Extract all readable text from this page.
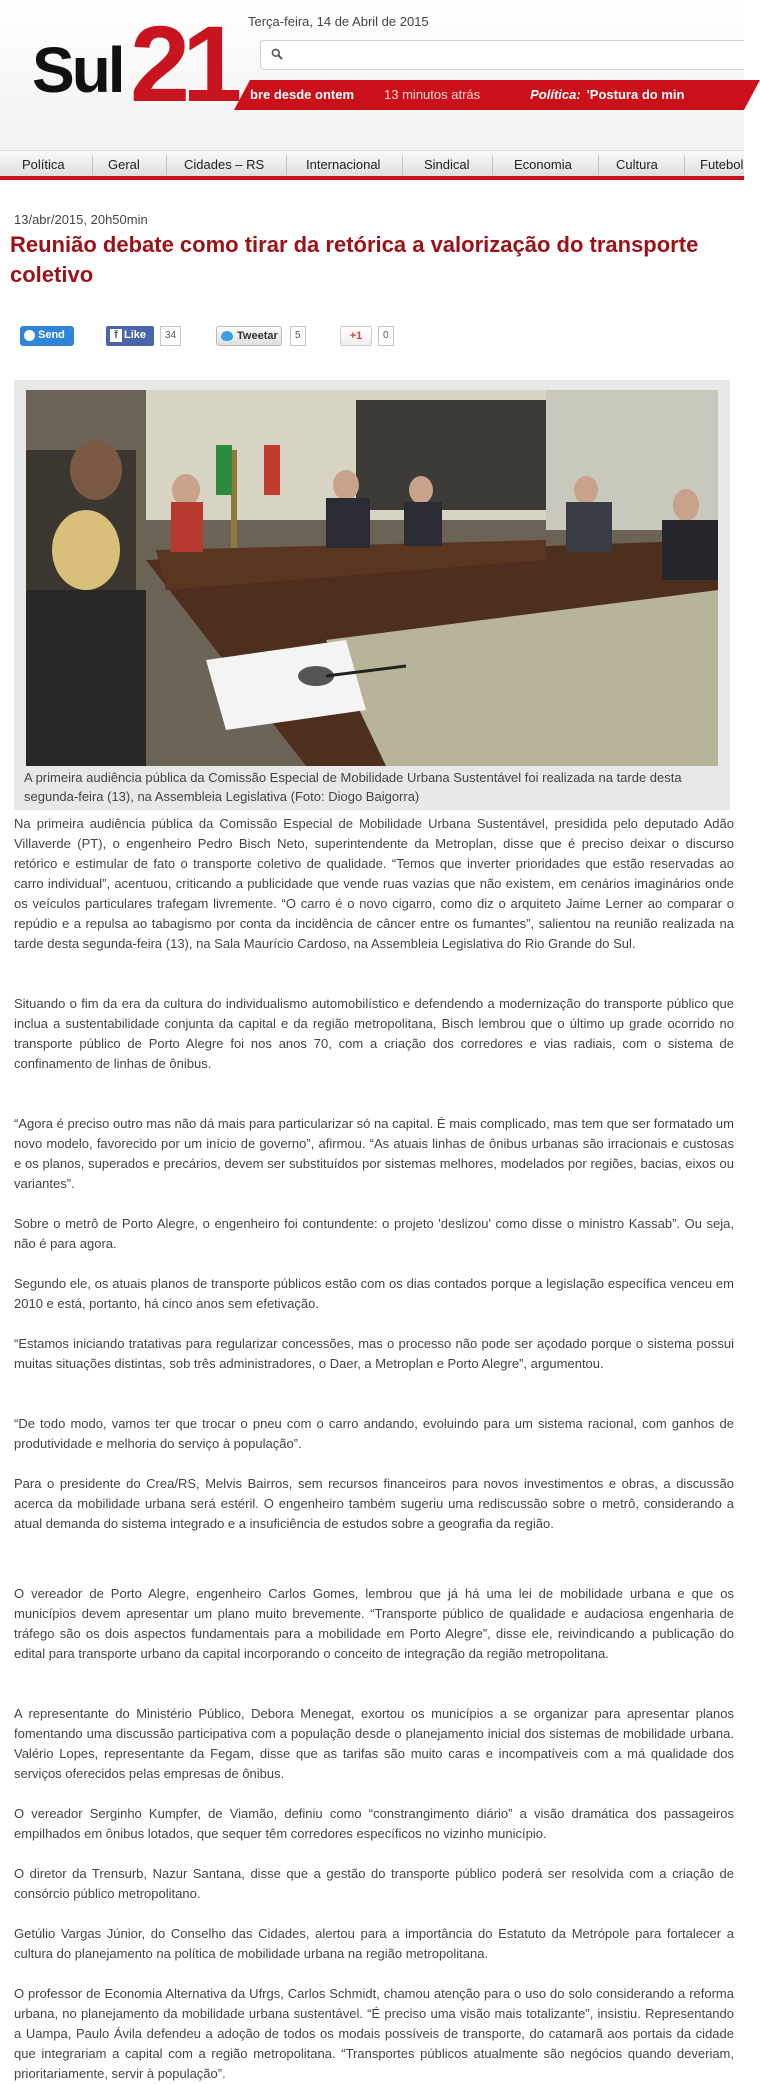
Sul 21 Terça-feira, 14 de Abril de 2015
bre desde ontem 13 minutos atrás	Política: 'Postura do min
Política	Geral	Cidades – RS	Internacional	Sindical	Economia	Cultura	Futebol
13/abr/2015, 20h50min
Reunião debate como tirar da retórica a valorização do transporte coletivo
Send	f Like	34	Tweetar	5	+1	0
A primeira audiência pública da Comissão Especial de Mobilidade Urbana Sustentável foi realizada na tarde desta segunda-feira (13), na Assembleia Legislativa (Foto: Diogo Baigorra)

Na primeira audiência pública da Comissão Especial de Mobilidade Urbana Sustentável, presidida pelo deputado Adão Villaverde (PT), o engenheiro Pedro Bisch Neto, superintendente da Metroplan, disse que é preciso deixar o discurso retórico e estimular de fato o transporte coletivo de qualidade. “Temos que inverter prioridades que estão reservadas ao carro individual”, acentuou, criticando a publicidade que vende ruas vazias que não existem, em cenários imaginários onde os veículos particulares trafegam livremente. “O carro é o novo cigarro, como diz o arquiteto Jaime Lerner ao comparar o repúdio e a repulsa ao tabagismo por conta da incidência de câncer entre os fumantes”, salientou na reunião realizada na tarde desta segunda-feira (13), na Sala Maurício Cardoso, na Assembleia Legislativa do Rio Grande do Sul.

Situando o fim da era da cultura do individualismo automobilístico e defendendo a modernização do transporte público que inclua a sustentabilidade conjunta da capital e da região metropolitana, Bisch lembrou que o último up grade ocorrido no transporte público de Porto Alegre foi nos anos 70, com a criação dos corredores e vias radiais, com o sistema de confinamento de linhas de ônibus.

“Agora é preciso outro mas não dá mais para particularizar só na capital. É mais complicado, mas tem que ser formatado um novo modelo, favorecido por um início de governo”, afirmou. “As atuais linhas de ônibus urbanas são irracionais e custosas e os planos, superados e precários, devem ser substituídos por sistemas melhores, modelados por regiões, bacias, eixos ou variantes”.

Sobre o metrô de Porto Alegre, o engenheiro foi contundente: o projeto 'deslizou' como disse o ministro Kassab”. Ou seja, não é para agora.

Segundo ele, os atuais planos de transporte públicos estão com os dias contados porque a legislação específica venceu em 2010 e está, portanto, há cinco anos sem efetivação.

“Estamos iniciando tratativas para regularizar concessões, mas o processo não pode ser açodado porque o sistema possui muitas situações distintas, sob três administradores, o Daer, a Metroplan e Porto Alegre”, argumentou.

“De todo modo, vamos ter que trocar o pneu com o carro andando, evoluindo para um sistema racional, com ganhos de produtividade e melhoria do serviço à população”.

Para o presidente do Crea/RS, Melvis Bairros, sem recursos financeiros para novos investimentos e obras, a discussão acerca da mobilidade urbana será estéril. O engenheiro também sugeriu uma rediscussão sobre o metrô, considerando a atual demanda do sistema integrado e a insuficiência de estudos sobre a geografia da região.

O vereador de Porto Alegre, engenheiro Carlos Gomes, lembrou que já há uma lei de mobilidade urbana e que os municípios devem apresentar um plano muito brevemente. “Transporte público de qualidade e audaciosa engenharia de tráfego são os dois aspectos fundamentais para a mobilidade em Porto Alegre”, disse ele, reivindicando a publicação do edital para transporte urbano da capital incorporando o conceito de integração da região metropolitana.

A representante do Ministério Público, Debora Menegat, exortou os municípios a se organizar para apresentar planos fomentando uma discussão participativa com a população desde o planejamento inicial dos sistemas de mobilidade urbana. Valério Lopes, representante da Fegam, disse que as tarifas são muito caras e incompatíveis com a má qualidade dos serviços oferecidos pelas empresas de ônibus.

O vereador Serginho Kumpfer, de Viamão, definiu como “constrangimento diário” a visão dramática dos passageiros empilhados em ônibus lotados, que sequer têm corredores específicos no vizinho município.

O diretor da Trensurb, Nazur Santana, disse que a gestão do transporte público poderá ser resolvida com a criação de consórcio público metropolitano.

Getúlio Vargas Júnior, do Conselho das Cidades, alertou para a importância do Estatuto da Metrópole para fortalecer a cultura do planejamento na política de mobilidade urbana na região metropolitana.

O professor de Economia Alternativa da Ufrgs, Carlos Schmidt, chamou atenção para o uso do solo considerando a reforma urbana, no planejamento da mobilidade urbana sustentável. “É preciso uma visão mais totalizante”, insistiu. Representando a Uampa, Paulo Ávila defendeu a adoção de todos os modais possíveis de transporte, do catamarã aos portais da cidade que integrariam a capital com a região metropolitana. “Transportes públicos atualmente são negócios quando deveriam, prioritariamente, servir à população”.
